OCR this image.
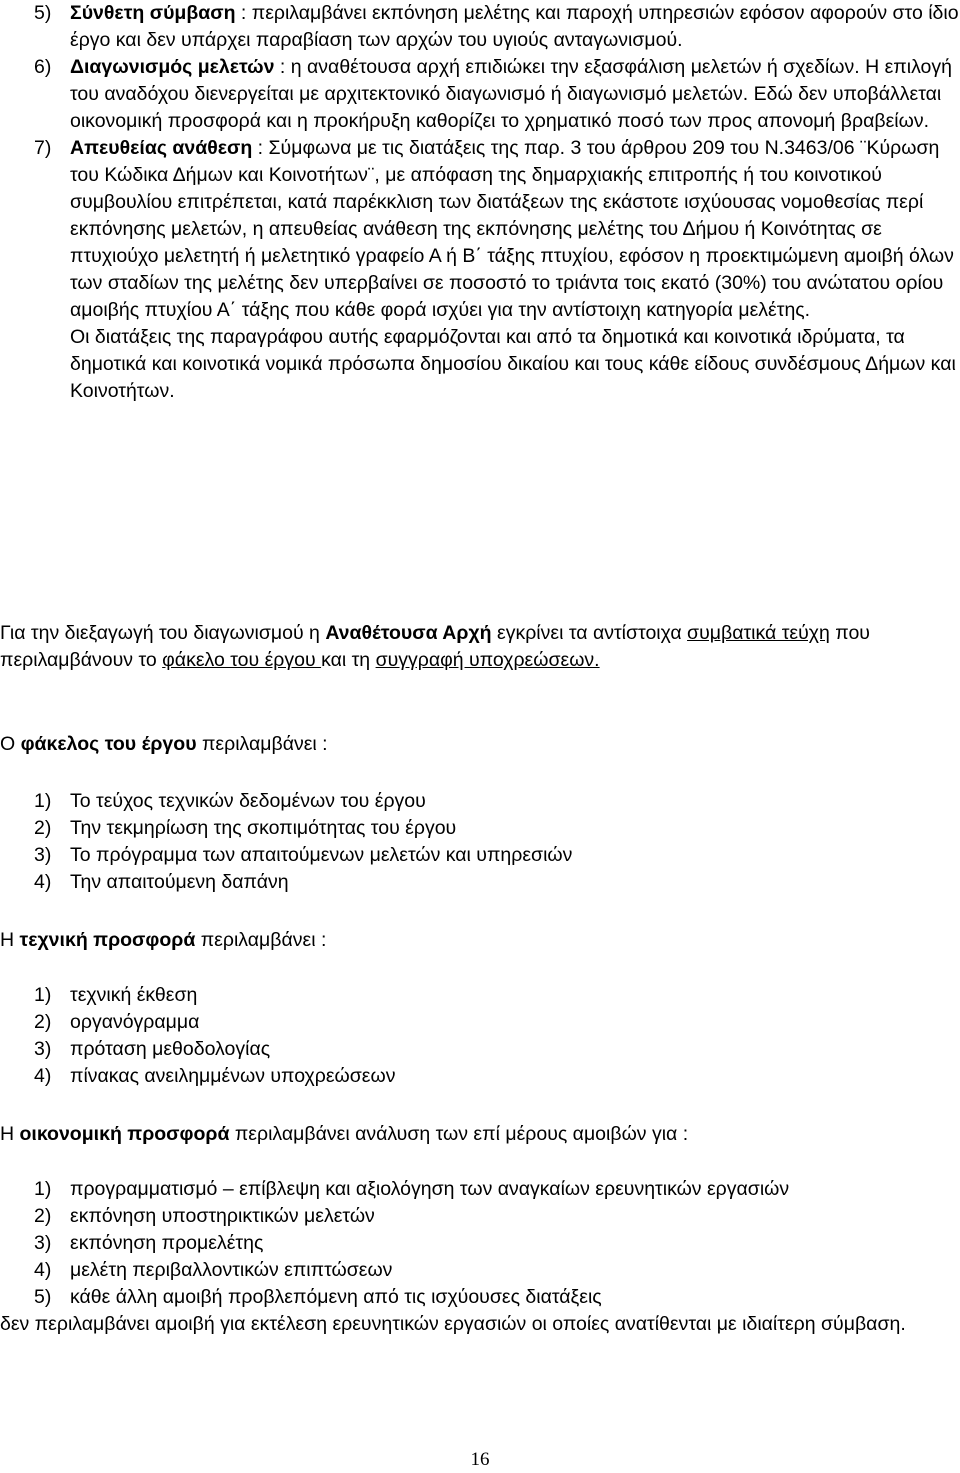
5) Σύνθετη σύμβαση : περιλαμβάνει εκπόνηση μελέτης και παροχή υπηρεσιών εφόσον αφορούν στο ίδιο έργο και δεν υπάρχει παραβίαση των αρχών του υγιούς ανταγωνισμού.

6) Διαγωνισμός μελετών : η αναθέτουσα αρχή επιδιώκει την εξασφάλιση μελετών ή σχεδίων. Η επιλογή του αναδόχου διενεργείται με αρχιτεκτονικό διαγωνισμό ή διαγωνισμό μελετών. Εδώ δεν υποβάλλεται οικονομική προσφορά και η προκήρυξη καθορίζει το χρηματικό ποσό των προς απονομή βραβείων.

7) Απευθείας ανάθεση : Σύμφωνα με τις διατάξεις της παρ. 3 του άρθρου 209 του Ν.3463/06 ¨Κύρωση του Κώδικα Δήμων και Κοινοτήτων¨, με απόφαση της δημαρχιακής επιτροπής ή του κοινοτικού συμβουλίου επιτρέπεται, κατά παρέκκλιση των διατάξεων της εκάστοτε ισχύουσας νομοθεσίας περί εκπόνησης μελετών, η απευθείας ανάθεση της εκπόνησης μελέτης του Δήμου ή Κοινότητας σε πτυχιούχο μελετητή ή μελετητικό γραφείο Α ή Β΄ τάξης πτυχίου, εφόσον η προεκτιμώμενη αμοιβή όλων των σταδίων της μελέτης δεν υπερβαίνει σε ποσοστό το τριάντα τοις εκατό (30%) του ανώτατου ορίου αμοιβής πτυχίου Α΄ τάξης που κάθε φορά ισχύει για την αντίστοιχη κατηγορία μελέτης.

Οι διατάξεις της παραγράφου αυτής εφαρμόζονται και από τα δημοτικά και κοινοτικά ιδρύματα, τα δημοτικά και κοινοτικά νομικά πρόσωπα δημοσίου δικαίου και τους κάθε είδους συνδέσμους Δήμων και Κοινοτήτων.

Για την διεξαγωγή του διαγωνισμού η Αναθέτουσα Αρχή εγκρίνει τα αντίστοιχα συμβατικά τεύχη που περιλαμβάνουν το φάκελο του έργου και τη συγγραφή υποχρεώσεων.

Ο φάκελος του έργου περιλαμβάνει :

1) Το τεύχος τεχνικών δεδομένων του έργου
2) Την τεκμηρίωση της σκοπιμότητας του έργου
3) Το πρόγραμμα των απαιτούμενων μελετών και υπηρεσιών
4) Την απαιτούμενη δαπάνη

Η τεχνική προσφορά περιλαμβάνει :

1) τεχνική έκθεση
2) οργανόγραμμα
3) πρόταση μεθοδολογίας
4) πίνακας ανειλημμένων υποχρεώσεων

Η οικονομική προσφορά περιλαμβάνει ανάλυση των επί μέρους αμοιβών για :

1) προγραμματισμό – επίβλεψη και αξιολόγηση των αναγκαίων ερευνητικών εργασιών
2) εκπόνηση υποστηρικτικών μελετών
3) εκπόνηση προμελέτης
4) μελέτη περιβαλλοντικών επιπτώσεων
5) κάθε άλλη αμοιβή προβλεπόμενη από τις ισχύουσες διατάξεις

δεν περιλαμβάνει αμοιβή για εκτέλεση ερευνητικών εργασιών οι οποίες ανατίθενται με ιδιαίτερη σύμβαση.

16
